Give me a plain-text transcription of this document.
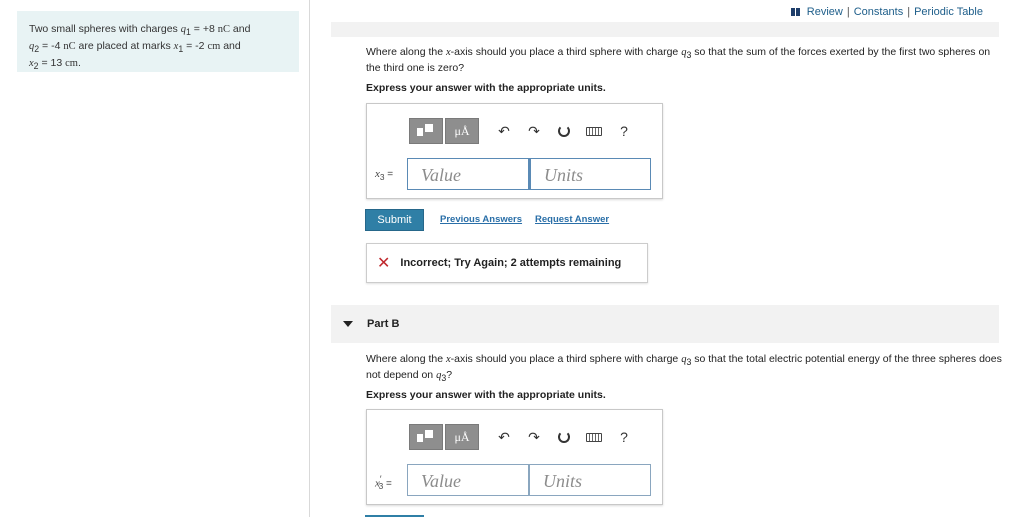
Two small spheres with charges $q_1 = +8$ nC and
$q_2 = -4$ nC are placed at marks $x_1 = -2$ cm and
$x_2 = 13$ cm.
Review | Constants | Periodic Table
Where along the x-axis should you place a third sphere with charge $q_3$ so that the sum of the forces exerted by the first two spheres on the third one is zero?
Express your answer with the appropriate units.
μÅ	↶	↷	?
$x_3$ =	Value	Units
Submit	Previous Answers Request Answer
✕ Incorrect; Try Again; 2 attempts remaining
Part B
Where along the x-axis should you place a third sphere with charge $q_3$ so that the total electric potential energy of the three spheres does not depend on $q_3$?
Express your answer with the appropriate units.
μÅ	↶	↷	?
$x'_3$ =	Value	Units
